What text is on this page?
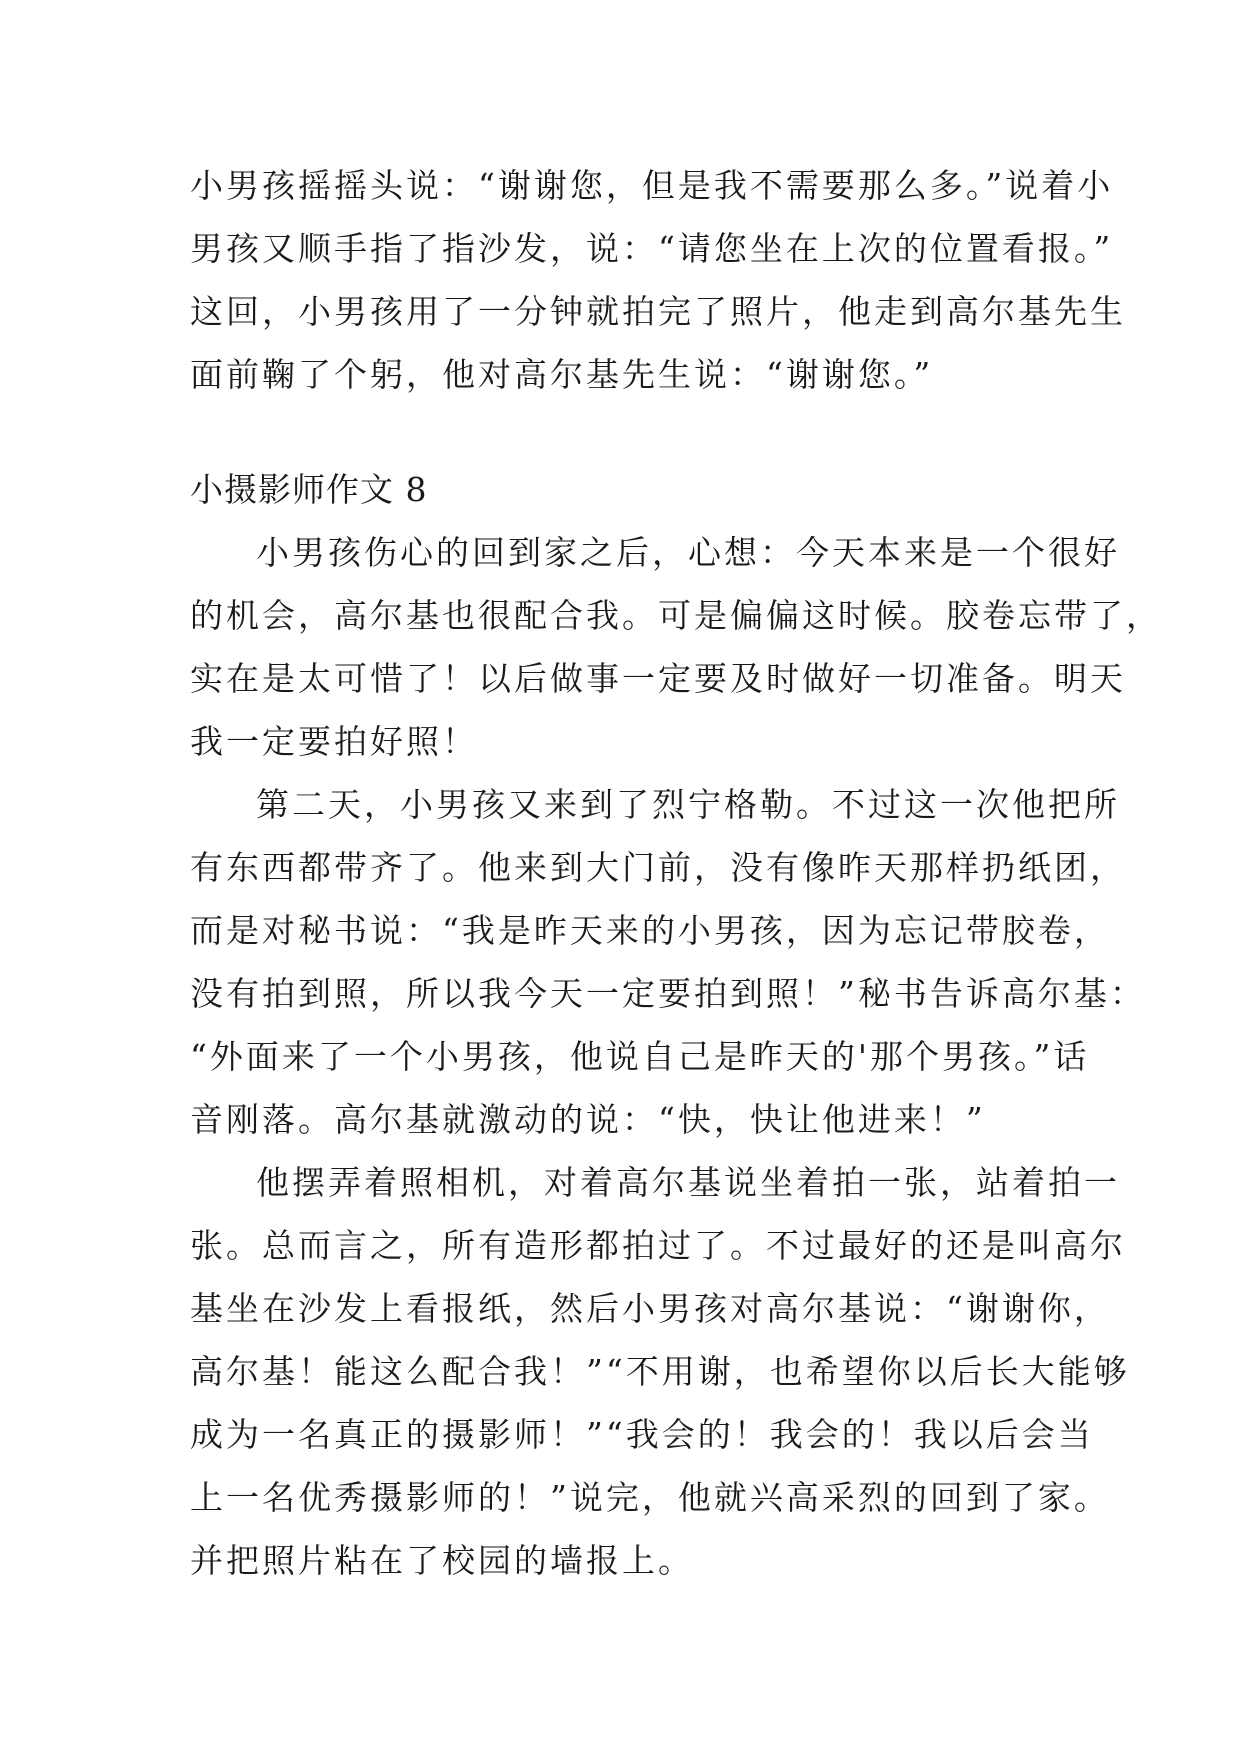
小男孩摇摇头说：“谢谢您，但是我不需要那么多。”说着小
男孩又顺手指了指沙发，说：“请您坐在上次的位置看报。”
这回，小男孩用了一分钟就拍完了照片，他走到高尔基先生
面前鞠了个躬，他对高尔基先生说：“谢谢您。”
小摄影师作文 8
小男孩伤心的回到家之后，心想：今天本来是一个很好
的机会，高尔基也很配合我。可是偏偏这时候。胶卷忘带了，
实在是太可惜了！以后做事一定要及时做好一切准备。明天
我一定要拍好照！
第二天，小男孩又来到了烈宁格勒。不过这一次他把所
有东西都带齐了。他来到大门前，没有像昨天那样扔纸团，
而是对秘书说：“我是昨天来的小男孩，因为忘记带胶卷，
没有拍到照，所以我今天一定要拍到照！”秘书告诉高尔基：
“外面来了一个小男孩，他说自己是昨天的'那个男孩。”话
音刚落。高尔基就激动的说：“快，快让他进来！”
他摆弄着照相机，对着高尔基说坐着拍一张，站着拍一
张。总而言之，所有造形都拍过了。不过最好的还是叫高尔
基坐在沙发上看报纸，然后小男孩对高尔基说：“谢谢你，
高尔基！能这么配合我！”“不用谢，也希望你以后长大能够
成为一名真正的摄影师！”“我会的！我会的！我以后会当
上一名优秀摄影师的！”说完，他就兴高采烈的回到了家。
并把照片粘在了校园的墙报上。
